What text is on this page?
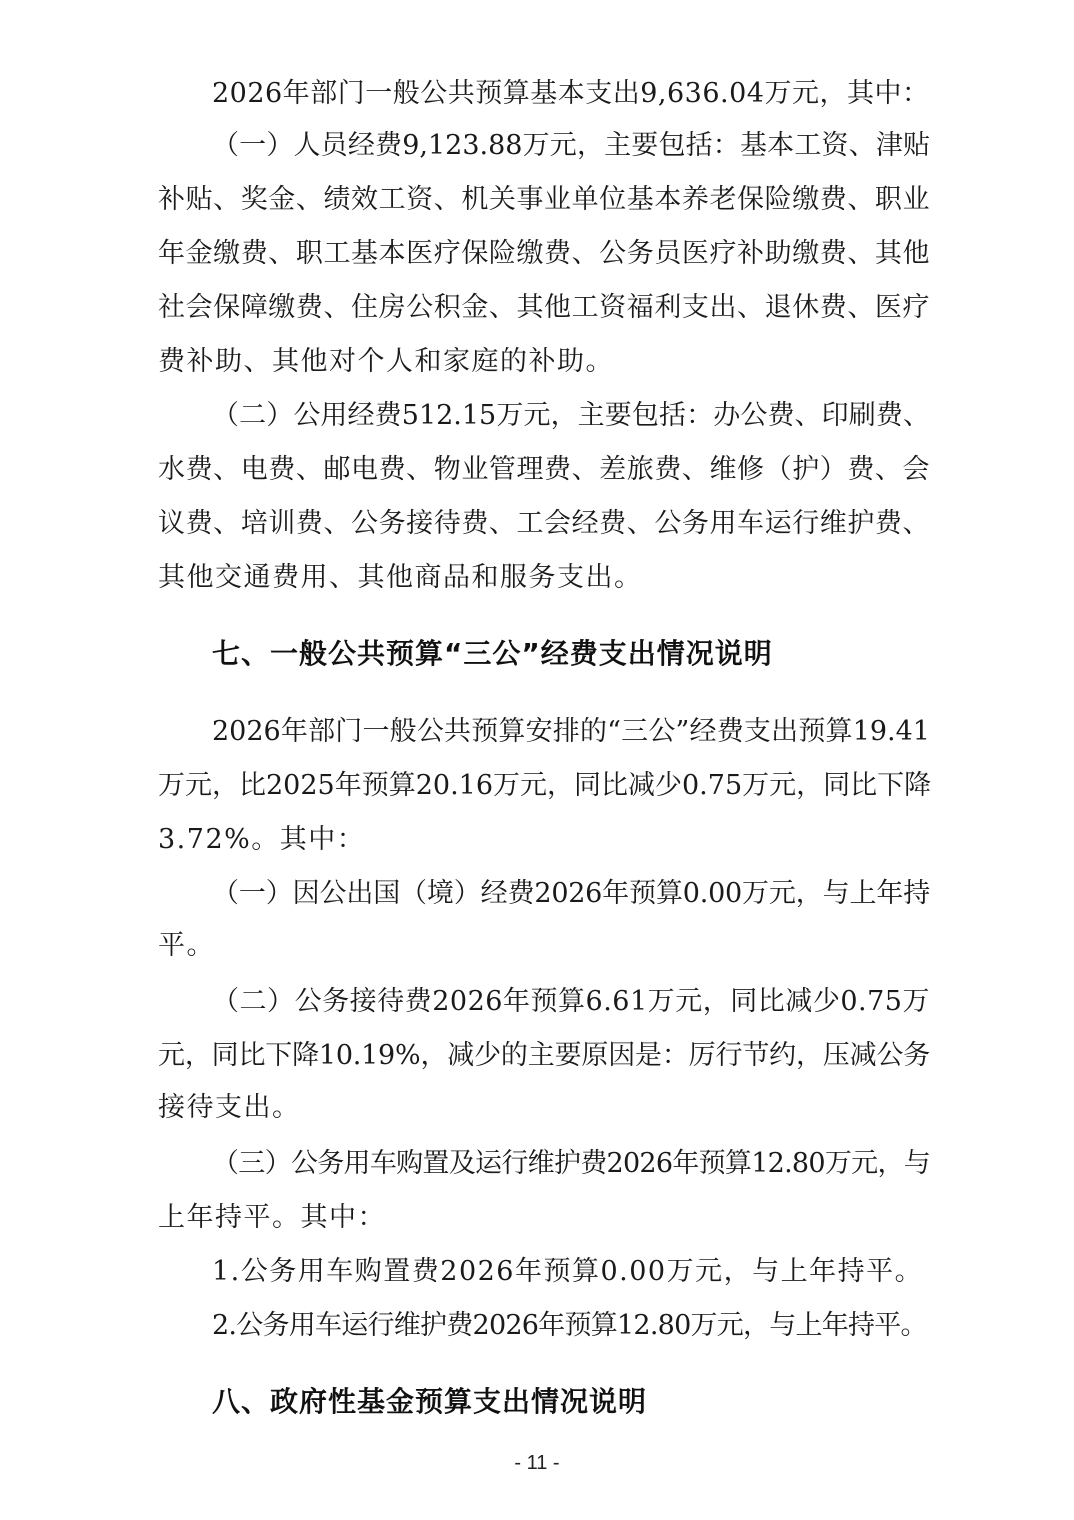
2026年部门一般公共预算基本支出9,636.04万元，其中：
（一）人员经费9,123.88万元，主要包括：基本工资、津贴
补贴、奖金、绩效工资、机关事业单位基本养老保险缴费、职业
年金缴费、职工基本医疗保险缴费、公务员医疗补助缴费、其他
社会保障缴费、住房公积金、其他工资福利支出、退休费、医疗
费补助、其他对个人和家庭的补助。
（二）公用经费512.15万元，主要包括：办公费、印刷费、
水费、电费、邮电费、物业管理费、差旅费、维修（护）费、会
议费、培训费、公务接待费、工会经费、公务用车运行维护费、
其他交通费用、其他商品和服务支出。
七、一般公共预算“三公”经费支出情况说明
2026年部门一般公共预算安排的“三公”经费支出预算19.41
万元，比2025年预算20.16万元，同比减少0.75万元，同比下降
3.72%。其中：
（一）因公出国（境）经费2026年预算0.00万元，与上年持
平。
（二）公务接待费2026年预算6.61万元，同比减少0.75万
元，同比下降10.19%，减少的主要原因是：厉行节约，压减公务
接待支出。
（三）公务用车购置及运行维护费2026年预算12.80万元，与
上年持平。其中：
1.公务用车购置费2026年预算0.00万元，与上年持平。
2.公务用车运行维护费2026年预算12.80万元，与上年持平。
八、政府性基金预算支出情况说明
- 11 -
